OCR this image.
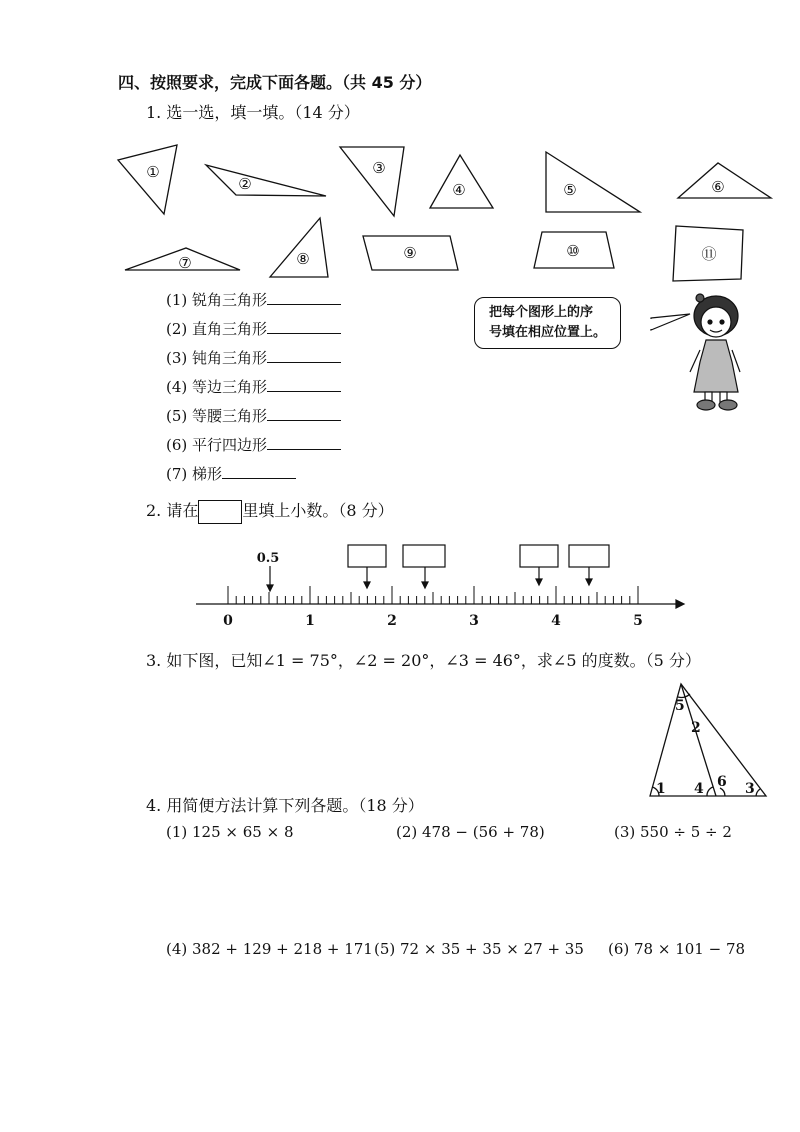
四、按照要求，完成下面各题。（共 45 分）
1. 选一选，填一填。（14 分）
①
②
③
④	⑤	⑥
⑦	⑧	⑨	⑩	⑪
(1) 锐角三角形
(2) 直角三角形
(3) 钝角三角形
(4) 等边三角形
(5) 等腰三角形
(6) 平行四边形
(7) 梯形
把每个图形上的序
号填在相应位置上。
2. 请在	里填上小数。（8 分）
0	1	2	3	4	5
0.5
3. 如下图，已知∠1 = 75°，∠2 = 20°，∠3 = 46°，求∠5 的度数。（5 分）
1
2
3
4
5
6
4. 用简便方法计算下列各题。（18 分）
(1) 125 × 65 × 8	(2) 478 − (56 + 78)	(3) 550 ÷ 5 ÷ 2
(4) 382 + 129 + 218 + 171 (5) 72 × 35 + 35 × 27 + 35 (6) 78 × 101 − 78
